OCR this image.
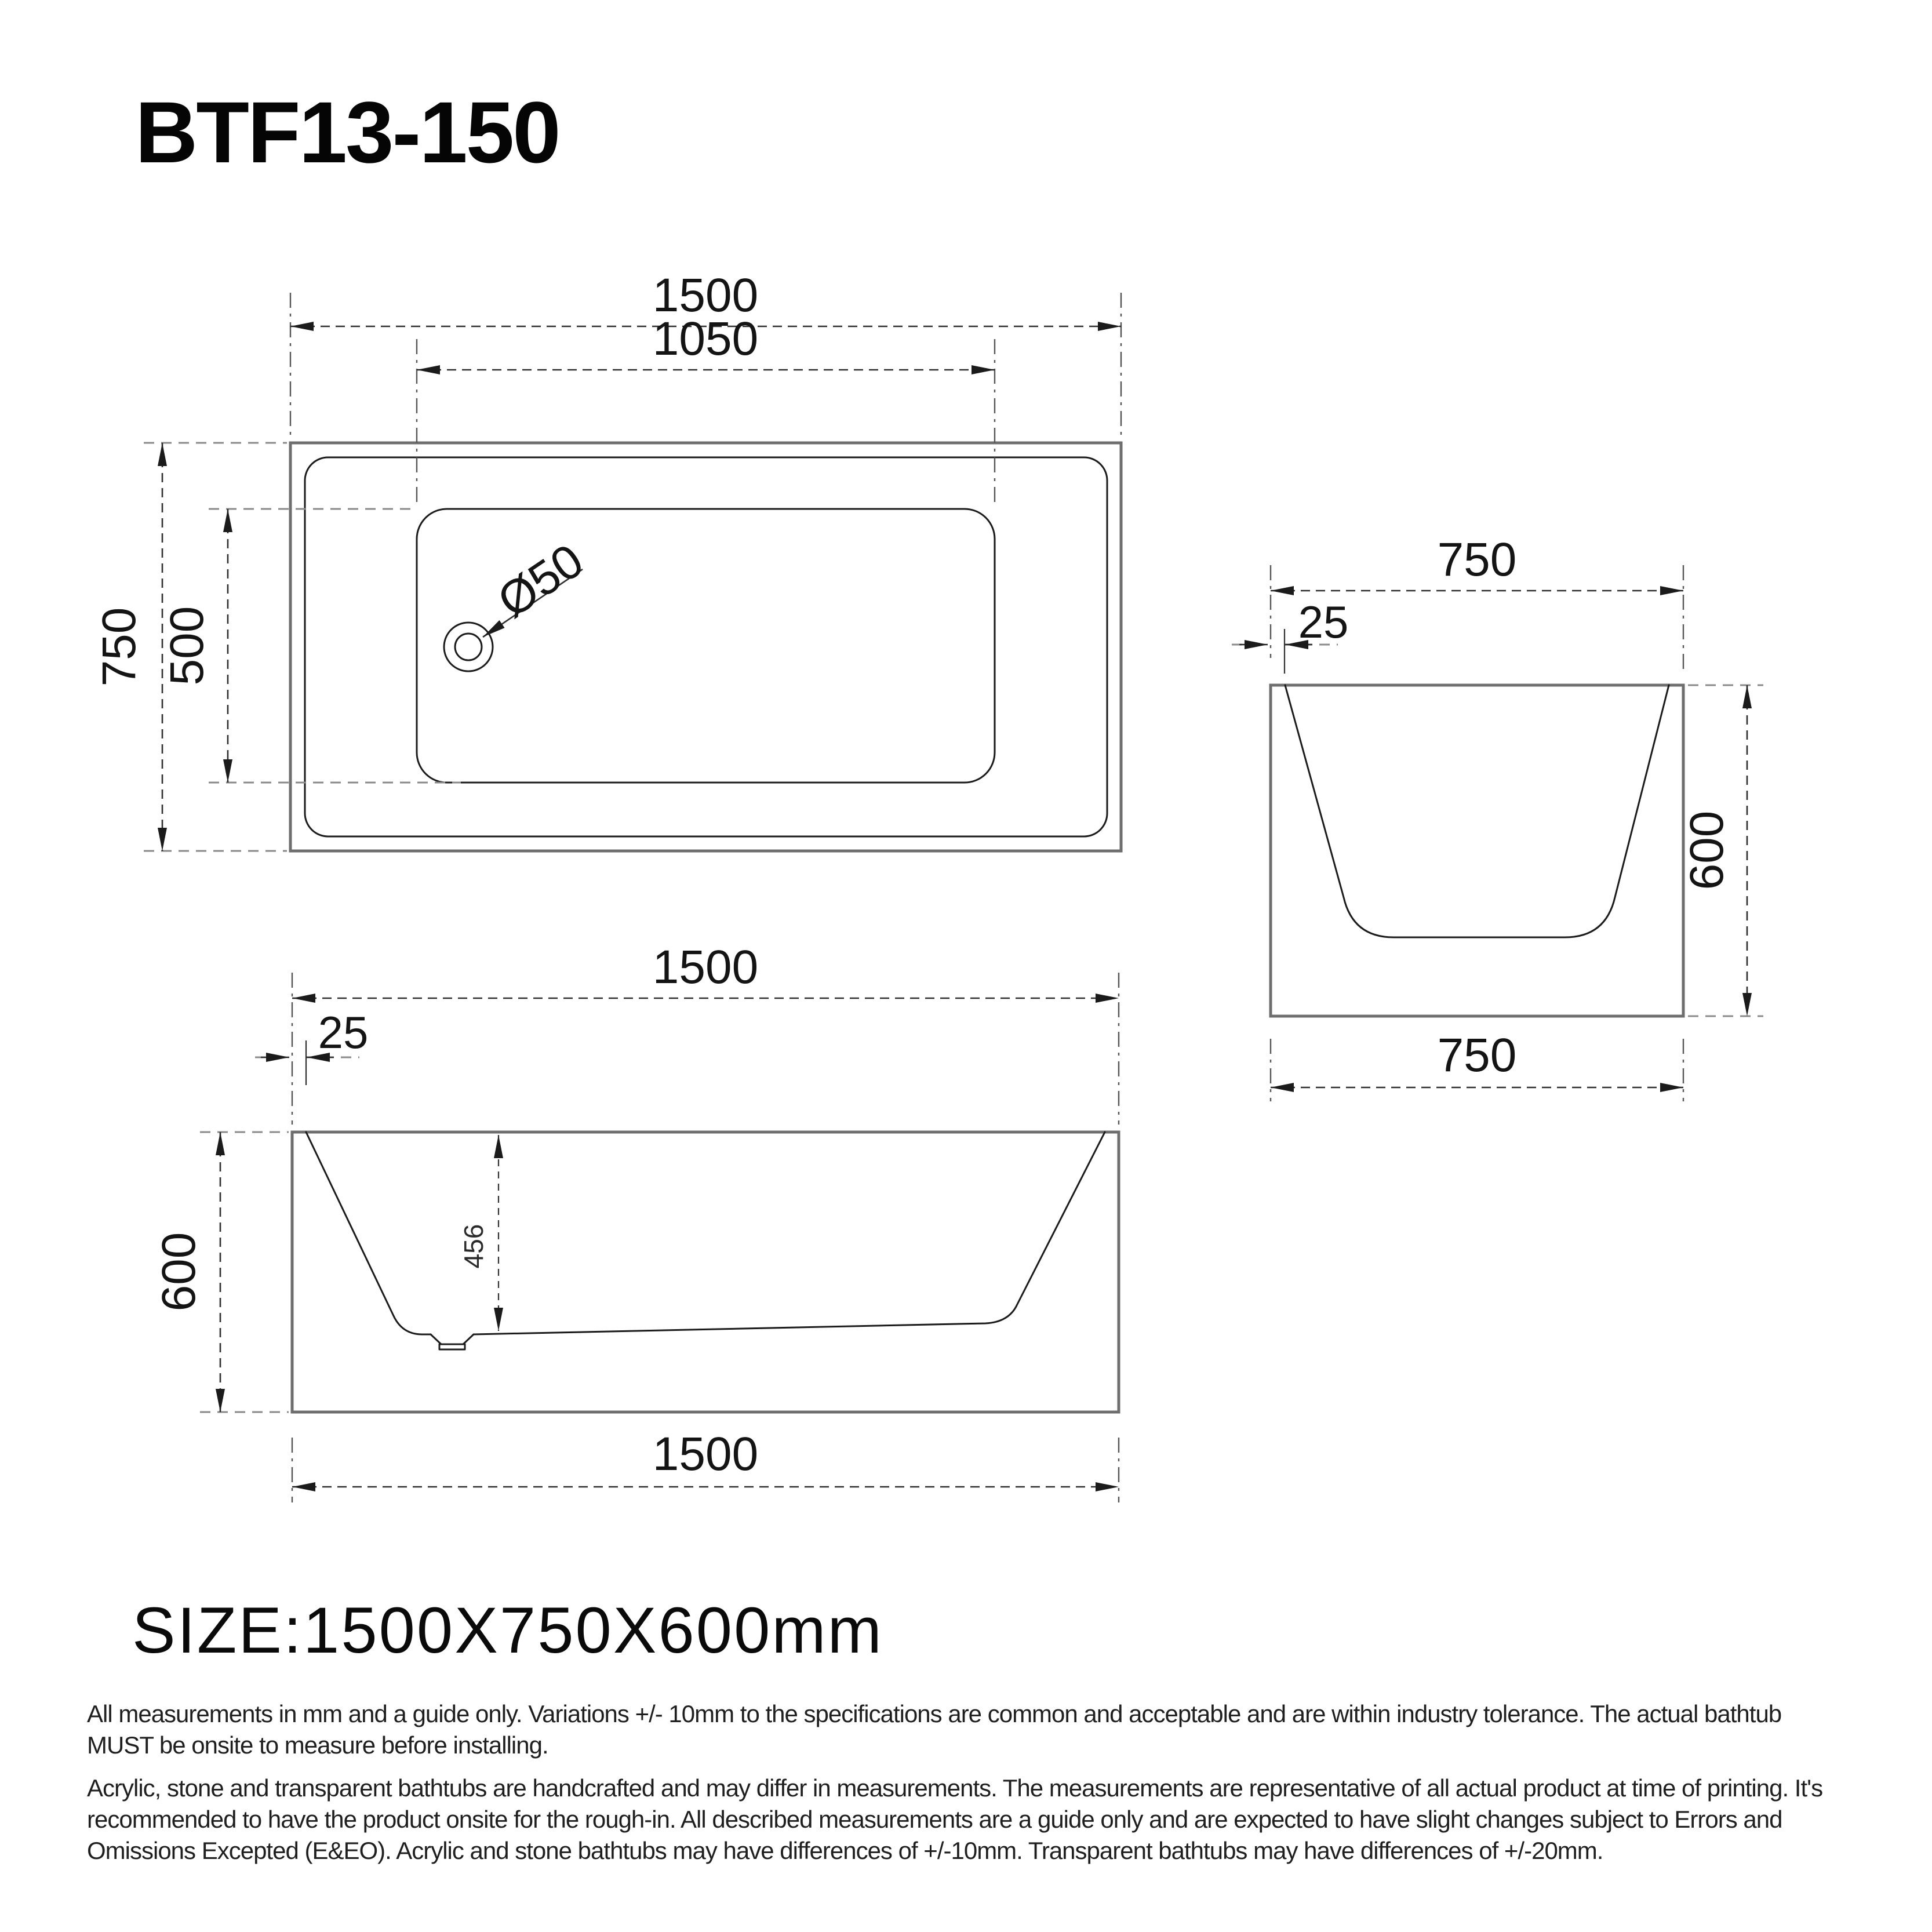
BTF13-150
Ø50
1500
1050
750 500
750
25
600
750
1500
25
600	456
1500
SIZE:1500X750X600mm

All measurements in mm and a guide only. Variations +/- 10mm to the specifications are common and acceptable and are within industry tolerance. The actual bathtub MUST be onsite to measure before installing.

Acrylic, stone and transparent bathtubs are handcrafted and may differ in measurements. The measurements are representative of all actual product at time of printing. It's recommended to have the product onsite for the rough-in. All described measurements are a guide only and are expected to have slight changes subject to Errors and Omissions Excepted (E&EO). Acrylic and stone bathtubs may have differences of +/-10mm. Transparent bathtubs may have differences of +/-20mm.
